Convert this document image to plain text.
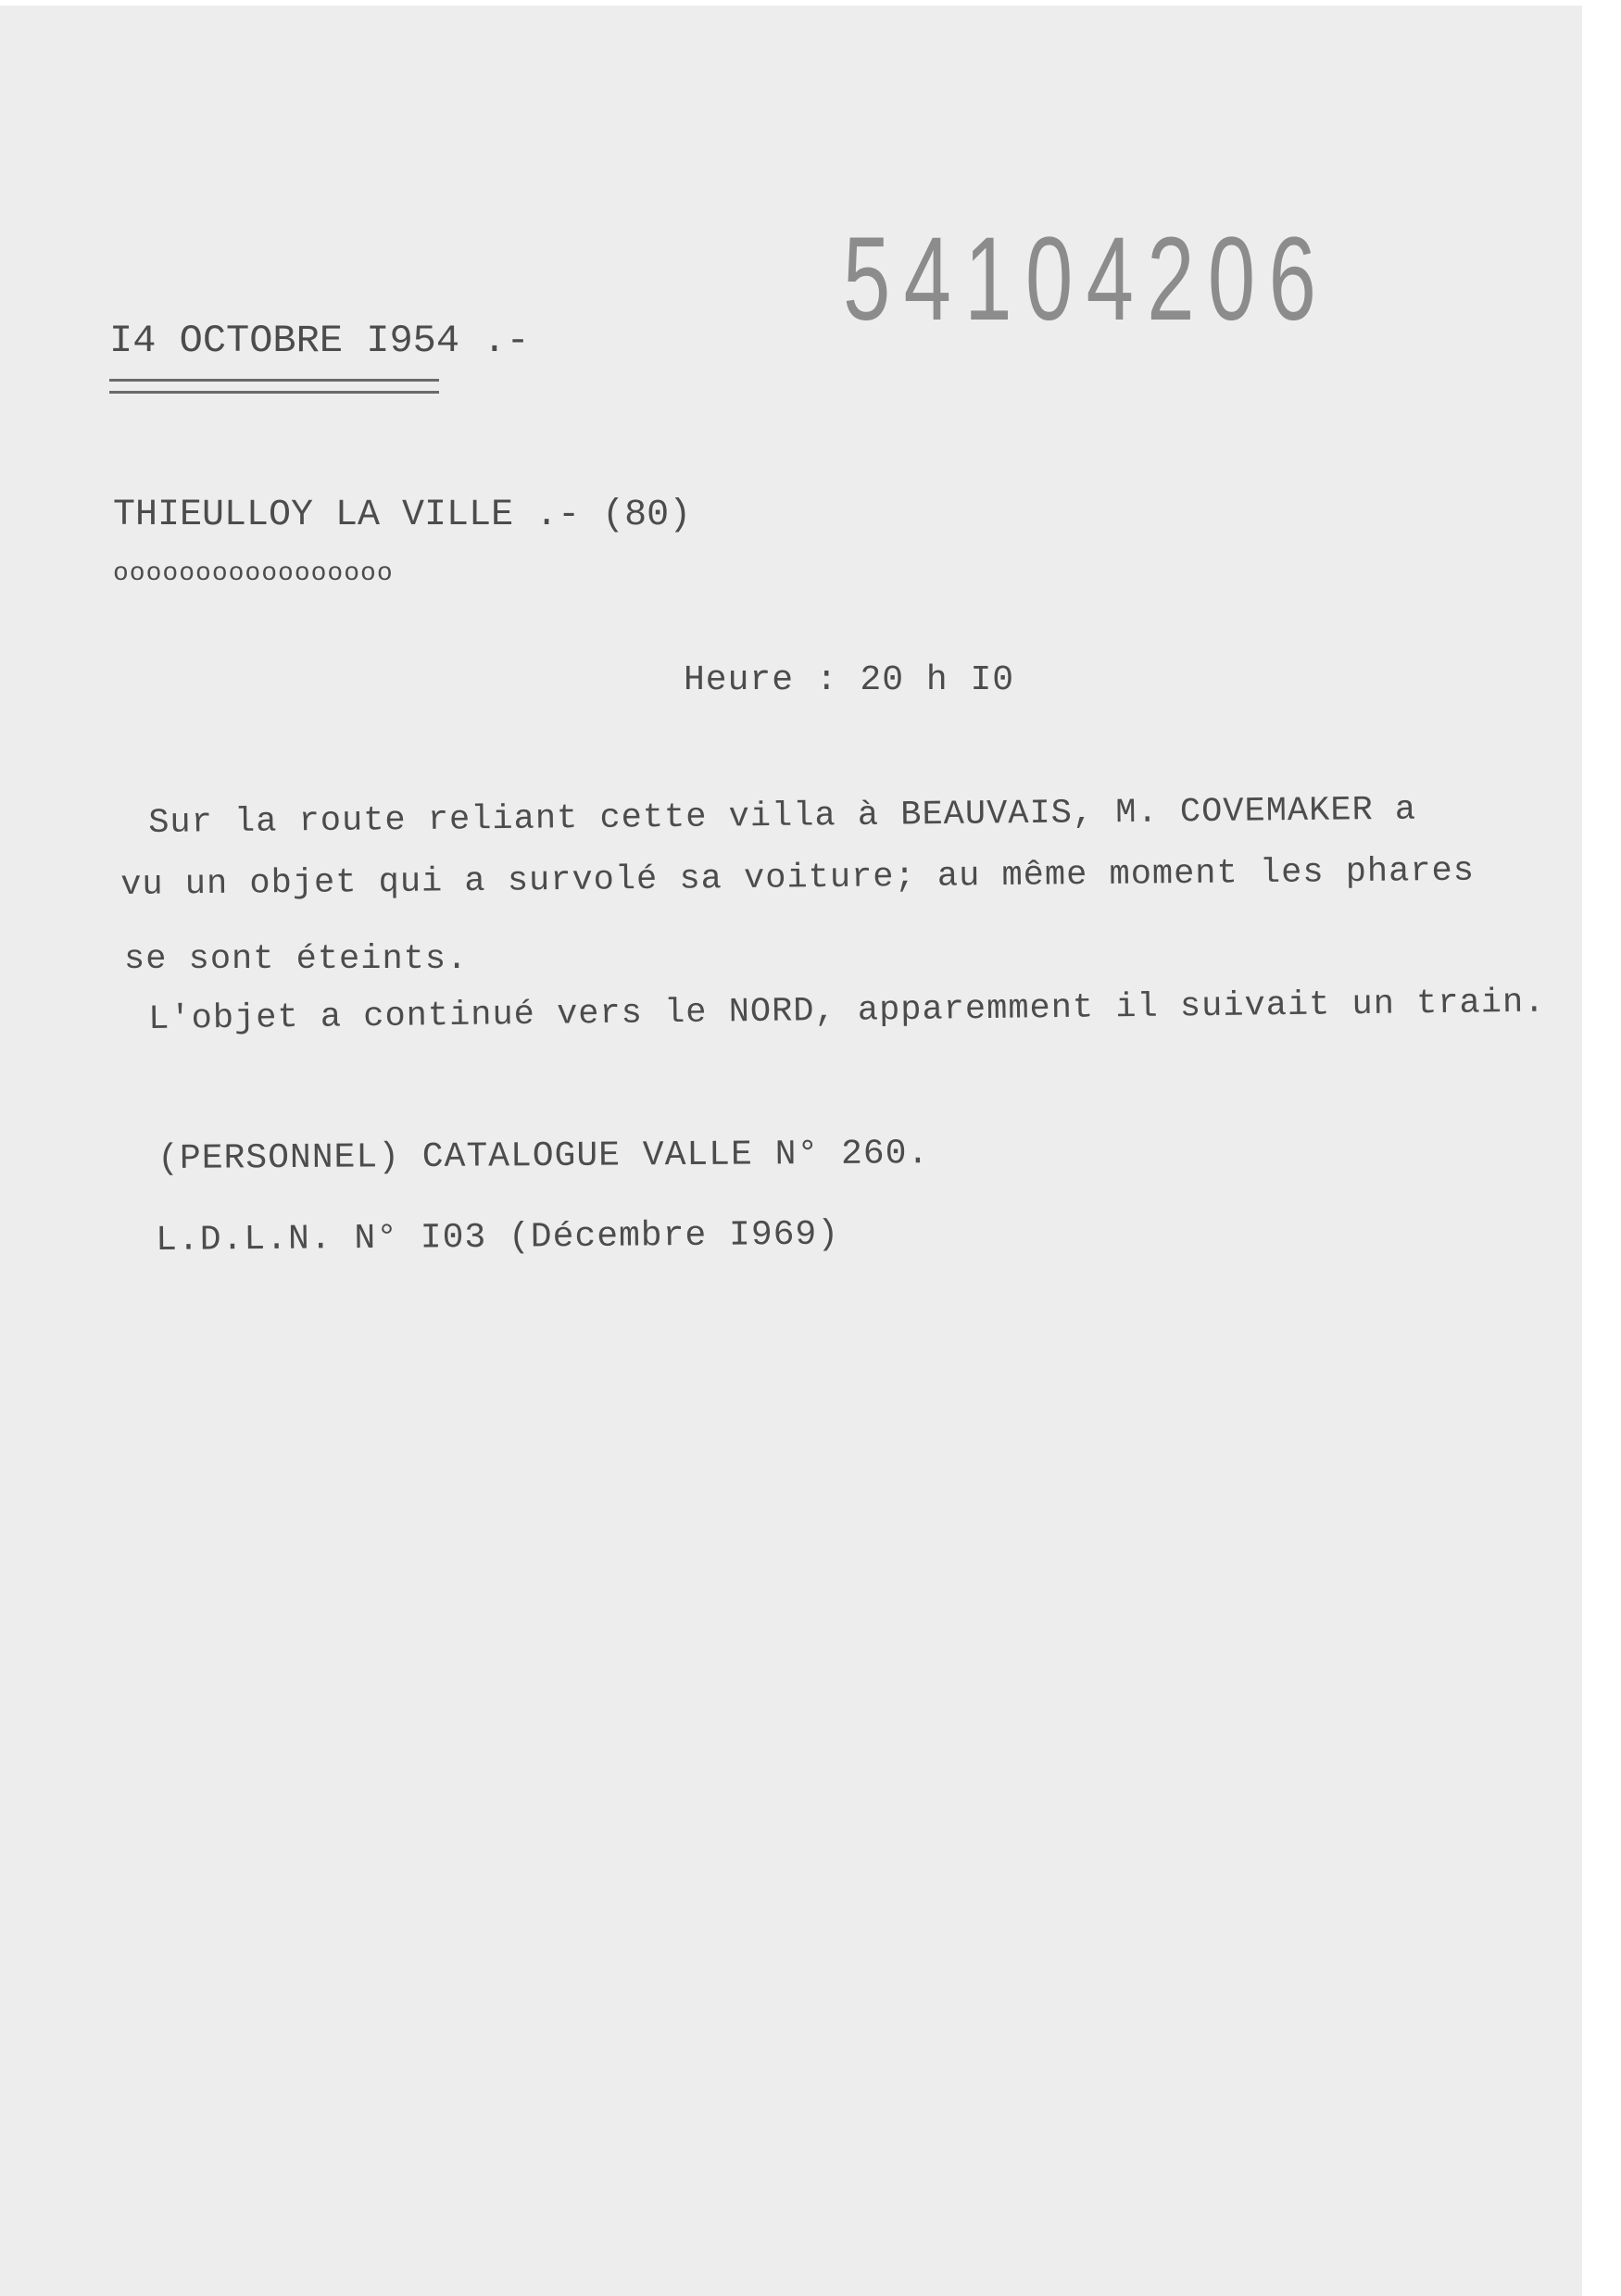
54104206
I4 OCTOBRE I954 .-
THIEULLOY LA VILLE .- (80)
ooooooooooooooooo
Heure : 20 h I0
Sur la route reliant cette villa à BEAUVAIS, M. COVEMAKER a
vu un objet qui a survolé sa voiture; au même moment les phares
se sont éteints.
L'objet a continué vers le NORD, apparemment il suivait un train.
(PERSONNEL) CATALOGUE VALLE N° 260.
L.D.L.N. N° I03 (Décembre I969)
